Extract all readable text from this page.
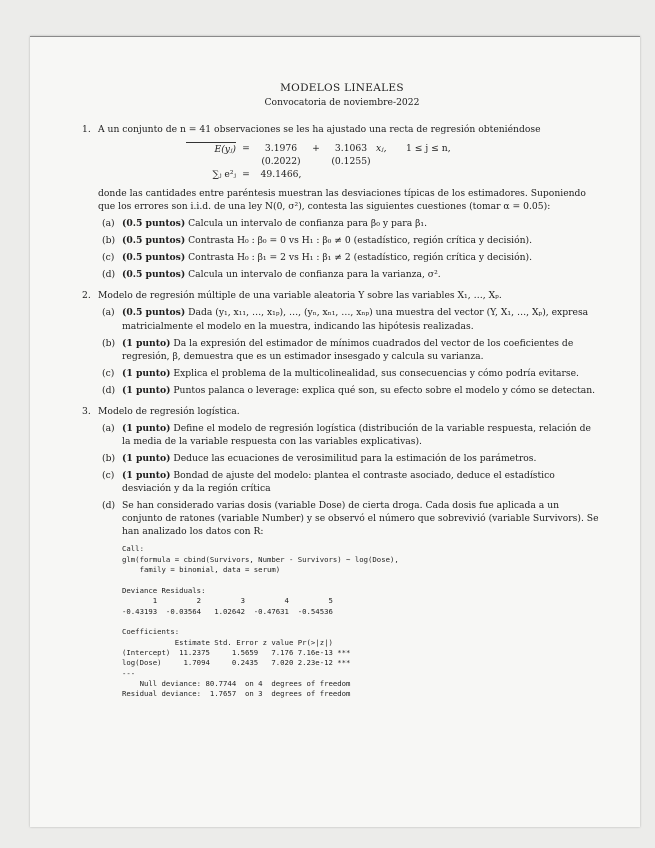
MODELOS LINEALES
Convocatoria de noviembre-2022
1. A un conjunto de n = 41 observaciones se les ha ajustado una recta de regresión obteniéndose
E(yⱼ) =	3.1976	+	3.1063 xⱼ,	1 ≤ j ≤ n,
(0.2022)	(0.1255)
∑ⱼ e²ⱼ =	49.1466,
donde las cantidades entre paréntesis muestran las desviaciones típicas de los estimadores. Suponiendo que los errores son i.i.d. de una ley N(0, σ²), contesta las siguientes cuestiones (tomar α = 0.05):
(a) (0.5 puntos) Calcula un intervalo de confianza para β₀ y para β₁.
(b) (0.5 puntos) Contrasta H₀ : β₀ = 0 vs H₁ : β₀ ≠ 0 (estadístico, región crítica y decisión).
(c) (0.5 puntos) Contrasta H₀ : β₁ = 2 vs H₁ : β₁ ≠ 2 (estadístico, región crítica y decisión).
(d) (0.5 puntos) Calcula un intervalo de confianza para la varianza, σ².
2. Modelo de regresión múltiple de una variable aleatoria Y sobre las variables X₁, …, Xₚ.
(a) (0.5 puntos) Dada (y₁, x₁₁, …, x₁ₚ), …, (yₙ, xₙ₁, …, xₙₚ) una muestra del vector (Y, X₁, …, Xₚ), expresa matricialmente el modelo en la muestra, indicando las hipótesis realizadas.
(b) (1 punto) Da la expresión del estimador de mínimos cuadrados del vector de los coeficientes de regresión, β, demuestra que es un estimador insesgado y calcula su varianza.
(c) (1 punto) Explica el problema de la multicolinealidad, sus consecuencias y cómo podría evitarse.
(d) (1 punto) Puntos palanca o leverage: explica qué son, su efecto sobre el modelo y cómo se detectan.
3. Modelo de regresión logística.
(a) (1 punto) Define el modelo de regresión logística (distribución de la variable respuesta, relación de la media de la variable respuesta con las variables explicativas).
(b) (1 punto) Deduce las ecuaciones de verosimilitud para la estimación de los parámetros.
(c) (1 punto) Bondad de ajuste del modelo: plantea el contraste asociado, deduce el estadístico desviación y da la región crítica
(d) Se han considerado varias dosis (variable Dose) de cierta droga. Cada dosis fue aplicada a un conjunto de ratones (variable Number) y se observó el número que sobrevivió (variable Survivors). Se han analizado los datos con R:
Call:
glm(formula = cbind(Survivors, Number - Survivors) ~ log(Dose),
family = binomial, data = serum)

Deviance Residuals:
1         2         3         4         5
-0.43193  -0.03564   1.02642  -0.47631  -0.54536

Coefficients:
Estimate Std. Error z value Pr(>|z|)
(Intercept)  11.2375     1.5659   7.176 7.16e-13 ***
log(Dose)     1.7094     0.2435   7.020 2.23e-12 ***
---
Null deviance: 80.7744  on 4  degrees of freedom
Residual deviance:  1.7657  on 3  degrees of freedom
